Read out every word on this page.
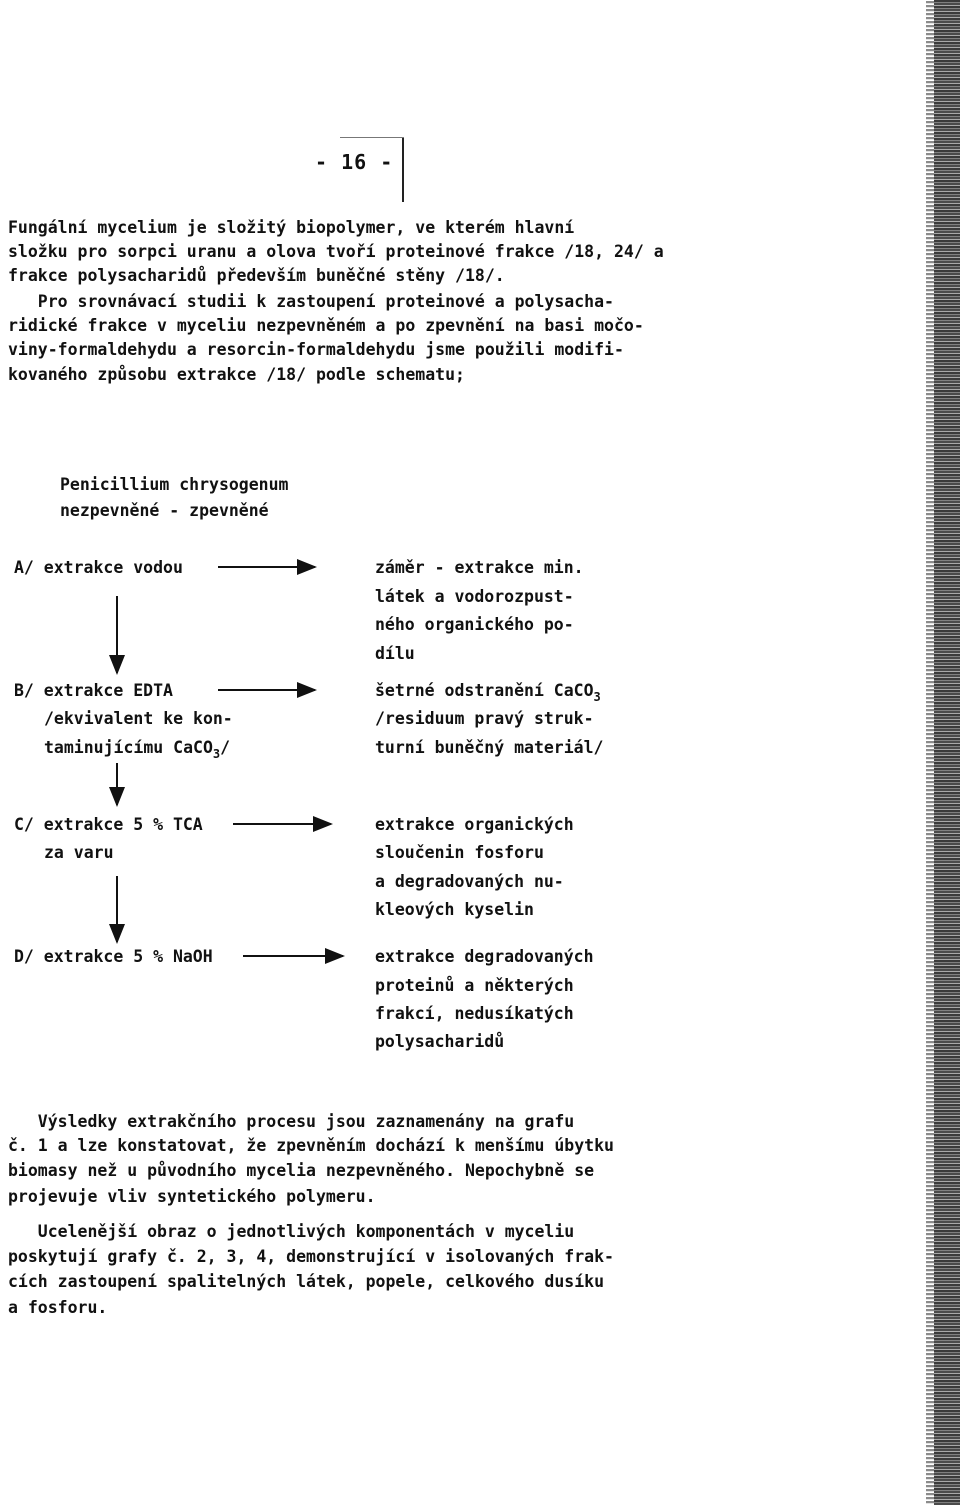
- 16 -
Fungální mycelium je složitý biopolymer, ve kterém hlavní
složku pro sorpci uranu a olova tvoří proteinové frakce /18, 24/ a
frakce polysacharidů především buněčné stěny /18/.
Pro srovnávací studii k zastoupení proteinové a polysacha-
ridické frakce v myceliu nezpevněném a po zpevnění na basi močo-
viny-formaldehydu a resorcin-formaldehydu jsme použili modifi-
kovaného způsobu extrakce /18/ podle schematu;
Penicillium chrysogenum
nezpevněné - zpevněné
A/ extrakce vodou	záměr - extrakce min.
látek a vodorozpust-
ného organického po-
dílu
B/ extrakce EDTA
/ekvivalent ke kon-
taminujícímu CaCO$_3$/
šetrné odstranění CaCO$_3$
/residuum pravý struk-
turní buněčný materiál/
C/ extrakce 5 % TCA
za varu
extrakce organických
sloučenin fosforu
a degradovaných nu-
kleových kyselin
D/ extrakce 5 % NaOH	extrakce degradovaných
proteinů a některých
frakcí, nedusíkatých
polysacharidů
Výsledky extrakčního procesu jsou zaznamenány na grafu
č. 1 a lze konstatovat, že zpevněním dochází k menšímu úbytku
biomasy než u původního mycelia nezpevněného. Nepochybně se
projevuje vliv syntetického polymeru.
Ucelenější obraz o jednotlivých komponentách v myceliu
poskytují grafy č. 2, 3, 4, demonstrující v isolovaných frak-
cích zastoupení spalitelných látek, popele, celkového dusíku
a fosforu.
